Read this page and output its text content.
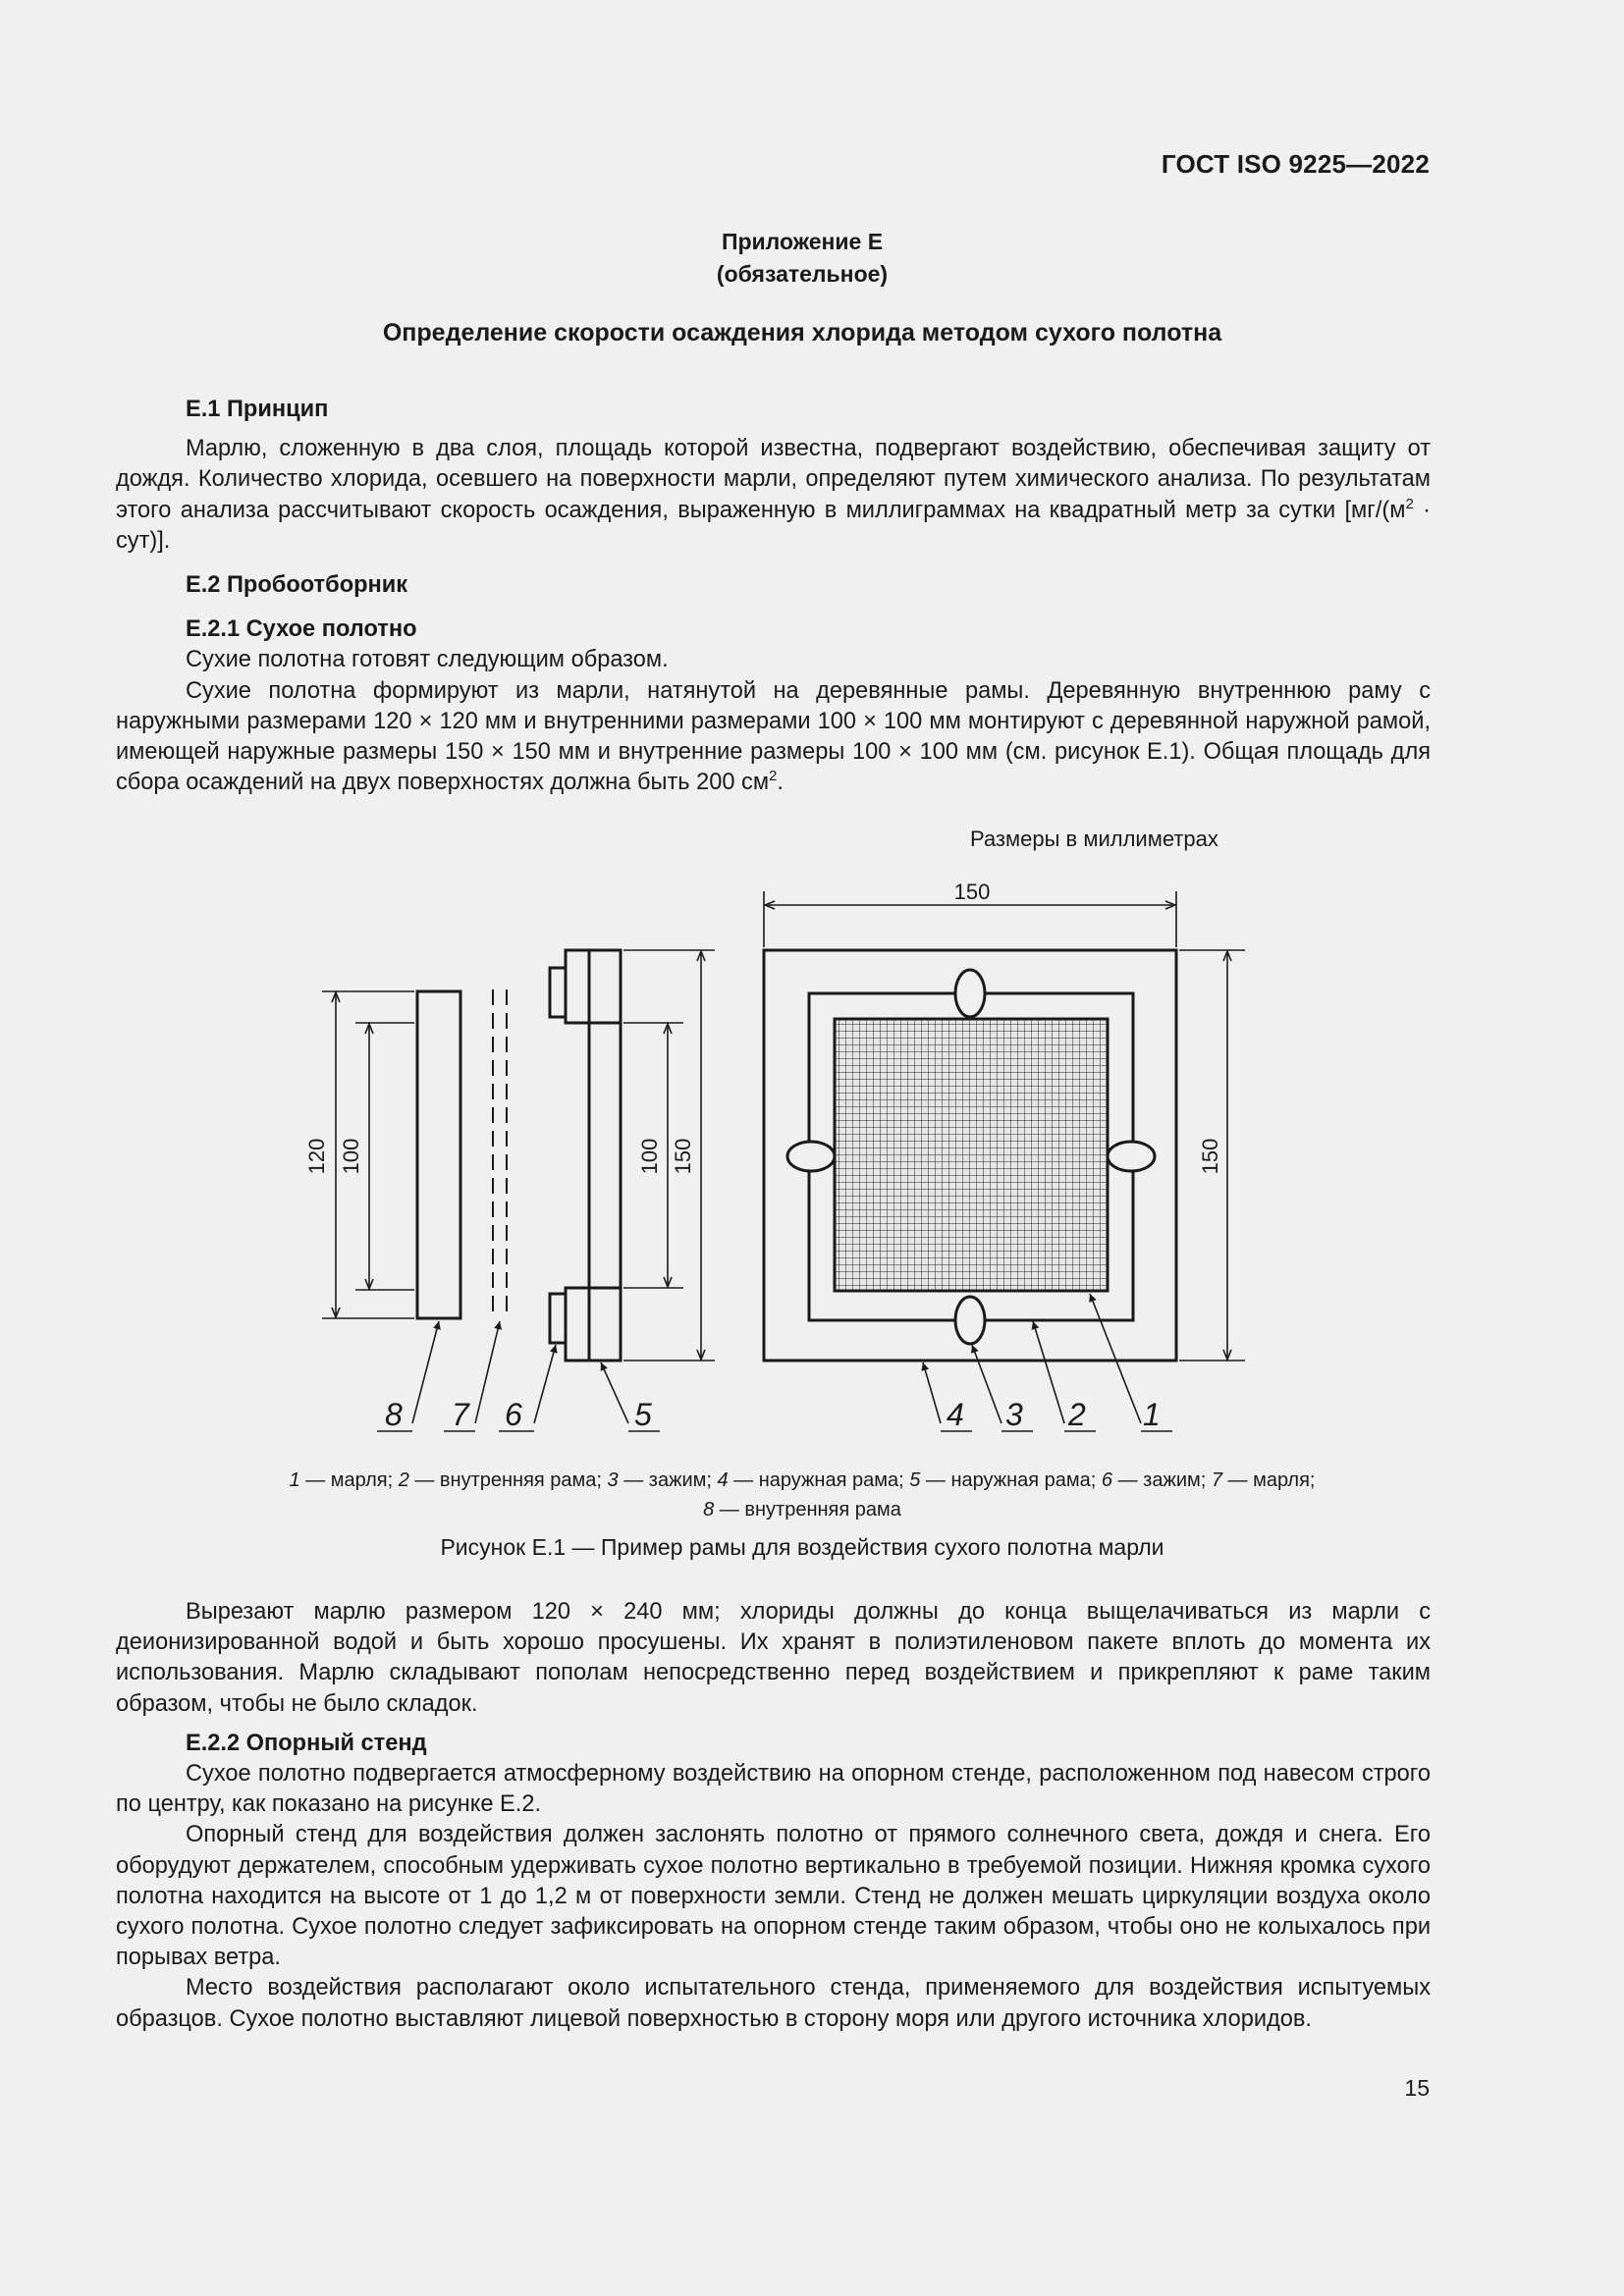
ГОСТ ISO 9225—2022
Приложение Е
(обязательное)
Определение скорости осаждения хлорида методом сухого полотна
Е.1 Принцип

Марлю, сложенную в два слоя, площадь которой известна, подвергают воздействию, обеспечивая защиту от дождя. Количество хлорида, осевшего на поверхности марли, определяют путем химического анализа. По результатам этого анализа рассчитывают скорость осаждения, выраженную в миллиграммах на квадратный метр за сутки $[мг/(м^2 \cdot сут)]$.

Е.2 Пробоотборник
Е.2.1 Сухое полотно

Сухие полотна готовят следующим образом.

Сухие полотна формируют из марли, натянутой на деревянные рамы. Деревянную внутреннюю раму с наружными размерами 120 × 120 мм и внутренними размерами 100 × 100 мм монтируют с деревянной наружной рамой, имеющей наружные размеры 150 × 150 мм и внутренние размеры 100 × 100 мм (см. рисунок Е.1). Общая площадь для сбора осаждений на двух поверхностях должна быть 200 $см^2$.

Размеры в миллиметрах
150
150
120 100	100 150
8 7 6	5	4 3 2 1
1 — марля; 2 — внутренняя рама; 3 — зажим; 4 — наружная рама; 5 — наружная рама; 6 — зажим; 7 — марля;
8 — внутренняя рама
Рисунок Е.1 — Пример рамы для воздействия сухого полотна марли

Вырезают марлю размером 120 × 240 мм; хлориды должны до конца выщелачиваться из марли с деионизированной водой и быть хорошо просушены. Их хранят в полиэтиленовом пакете вплоть до момента их использования. Марлю складывают пополам непосредственно перед воздействием и прикрепляют к раме таким образом, чтобы не было складок.

Е.2.2 Опорный стенд

Сухое полотно подвергается атмосферному воздействию на опорном стенде, расположенном под навесом строго по центру, как показано на рисунке Е.2.

Опорный стенд для воздействия должен заслонять полотно от прямого солнечного света, дождя и снега. Его оборудуют держателем, способным удерживать сухое полотно вертикально в требуемой позиции. Нижняя кромка сухого полотна находится на высоте от 1 до 1,2 м от поверхности земли. Стенд не должен мешать циркуляции воздуха около сухого полотна. Сухое полотно следует зафиксировать на опорном стенде таким образом, чтобы оно не колыхалось при порывах ветра.

Место воздействия располагают около испытательного стенда, применяемого для воздействия испытуемых образцов. Сухое полотно выставляют лицевой поверхностью в сторону моря или другого источника хлоридов.

15
